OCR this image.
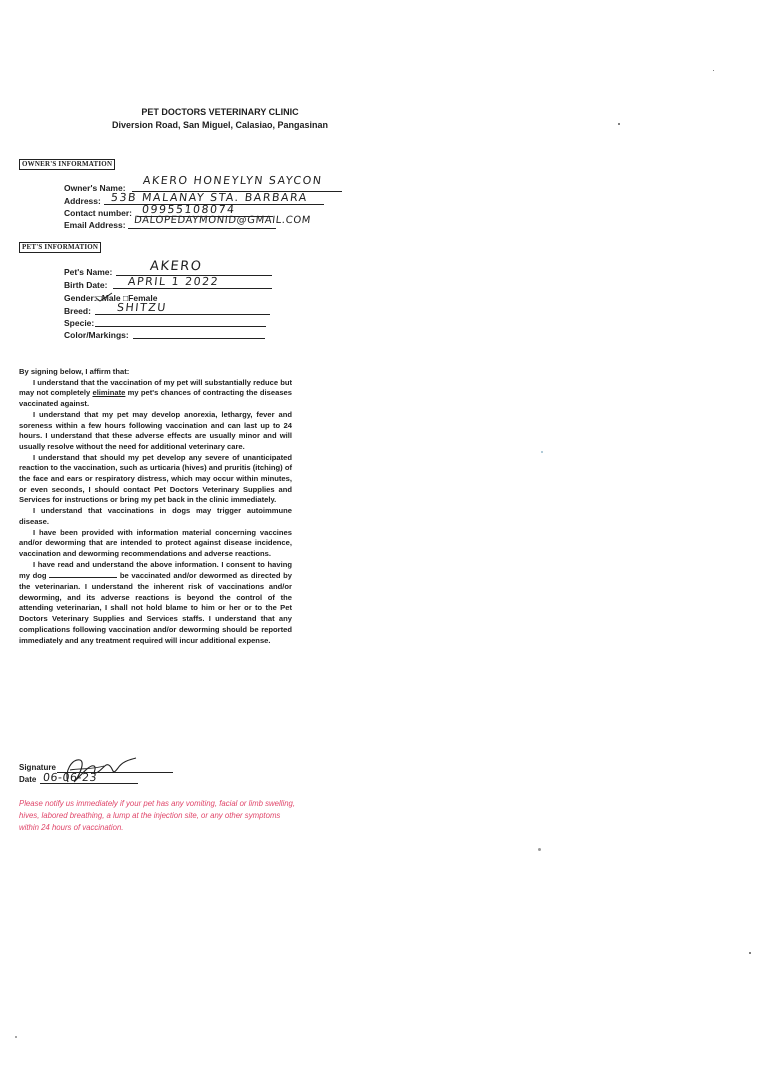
PET DOCTORS VETERINARY CLINIC
Diversion Road, San Miguel, Calasiao, Pangasinan
OWNER'S INFORMATION
Owner's Name:
AKERO HONEYLYN SAYCON
Address: 53B MALANAY STA. BARBARA
Contact number: 09955108074
Email Address: DALOPEDAYMONID@GMAIL.COM
PET'S INFORMATION
Pet's Name:	AKERO
Birth Date: APRIL 1 2022
Gender:□Male □Female
Breed: SHITZU
Specie:
Color/Markings:

By signing below, I affirm that:

I understand that the vaccination of my pet will substantially reduce but may not completely eliminate my pet's chances of contracting the diseases vaccinated against.

I understand that my pet may develop anorexia, lethargy, fever and soreness within a few hours following vaccination and can last up to 24 hours. I understand that these adverse effects are usually minor and will usually resolve without the need for additional veterinary care.

I understand that should my pet develop any severe of unanticipated reaction to the vaccination, such as urticaria (hives) and pruritis (itching) of the face and ears or respiratory distress, which may occur within minutes, or even seconds, I should contact Pet Doctors Veterinary Supplies and Services for instructions or bring my pet back in the clinic immediately.

I understand that vaccinations in dogs may trigger autoimmune disease.

I have been provided with information material concerning vaccines and/or deworming that are intended to protect against disease incidence, vaccination and deworming recommendations and adverse reactions.

I have read and understand the above information. I consent to having my dog	be vaccinated and/or dewormed as directed by the veterinarian. I understand the inherent risk of vaccinations and/or deworming, and its adverse reactions is beyond the control of the attending veterinarian, I shall not hold blame to him or her or to the Pet Doctors Veterinary Supplies and Services staffs. I understand that any complications following vaccination and/or deworming should be reported immediately and any treatment required will incur additional expense.

Signature
Date 06-06-23
Please notify us immediately if your pet has any vomiting, facial or limb swelling, hives, labored breathing, a lump at the injection site, or any other symptoms within 24 hours of vaccination.
